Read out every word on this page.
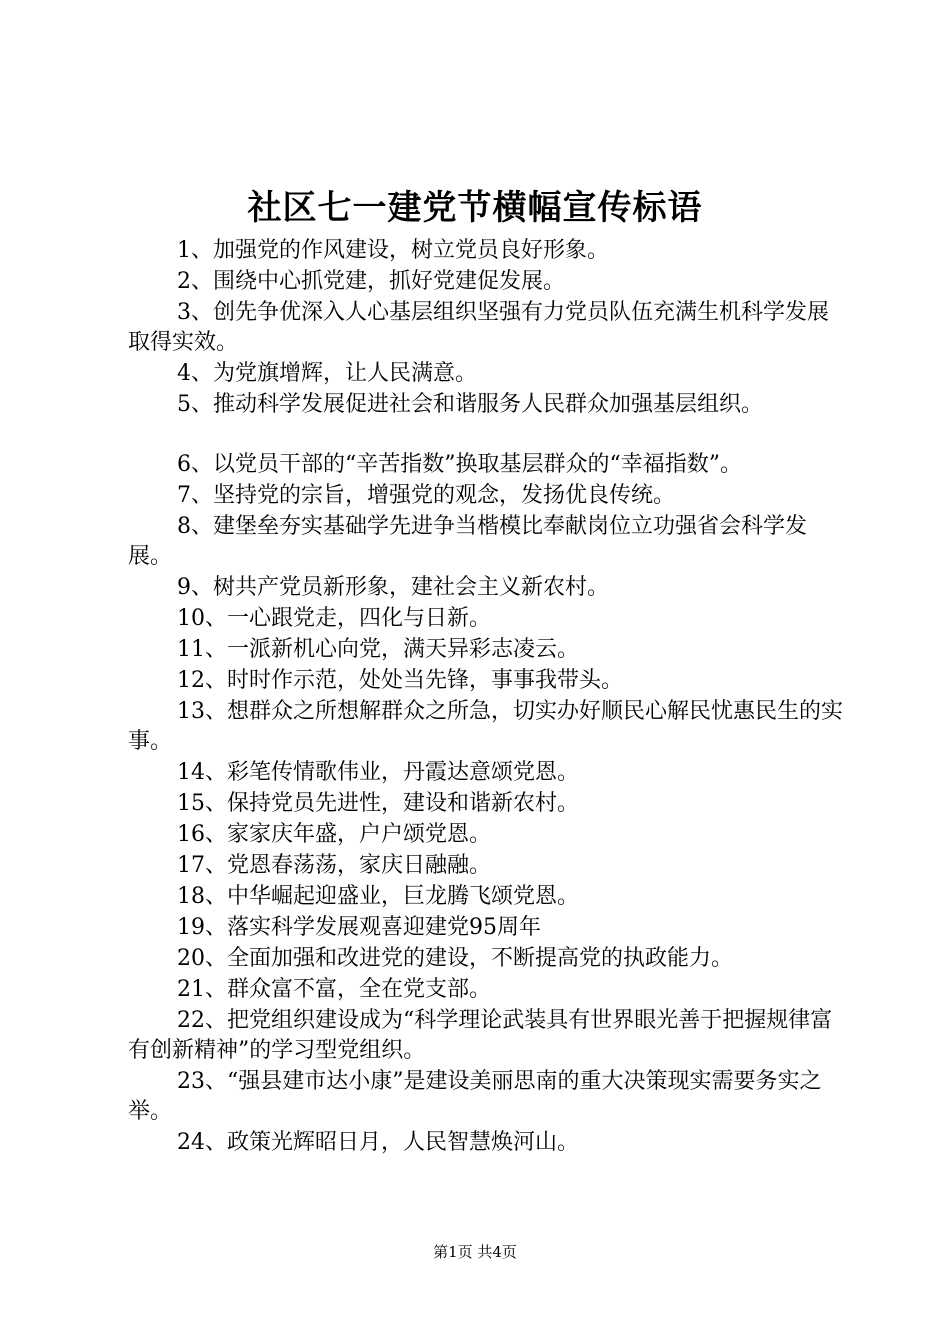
社区七一建党节横幅宣传标语

1、加强党的作风建设，树立党员良好形象。

2、围绕中心抓党建，抓好党建促发展。

3、创先争优深入人心基层组织坚强有力党员队伍充满生机科学发展取得实效。

4、为党旗增辉，让人民满意。

5、推动科学发展促进社会和谐服务人民群众加强基层组织。

6、以党员干部的“辛苦指数”换取基层群众的“幸福指数”。

7、坚持党的宗旨，增强党的观念，发扬优良传统。

8、建堡垒夯实基础学先进争当楷模比奉献岗位立功强省会科学发展。

9、树共产党员新形象，建社会主义新农村。

10、一心跟党走，四化与日新。

11、一派新机心向党，满天异彩志凌云。

12、时时作示范，处处当先锋，事事我带头。

13、想群众之所想解群众之所急，切实办好顺民心解民忧惠民生的实事。

14、彩笔传情歌伟业，丹霞达意颂党恩。

15、保持党员先进性，建设和谐新农村。

16、家家庆年盛，户户颂党恩。

17、党恩春荡荡，家庆日融融。

18、中华崛起迎盛业，巨龙腾飞颂党恩。

19、落实科学发展观喜迎建党95周年

20、全面加强和改进党的建设，不断提高党的执政能力。

21、群众富不富，全在党支部。

22、把党组织建设成为“科学理论武装具有世界眼光善于把握规律富有创新精神”的学习型党组织。

23、“强县建市达小康”是建设美丽思南的重大决策现实需要务实之举。

24、政策光辉昭日月，人民智慧焕河山。

第1页 共4页
